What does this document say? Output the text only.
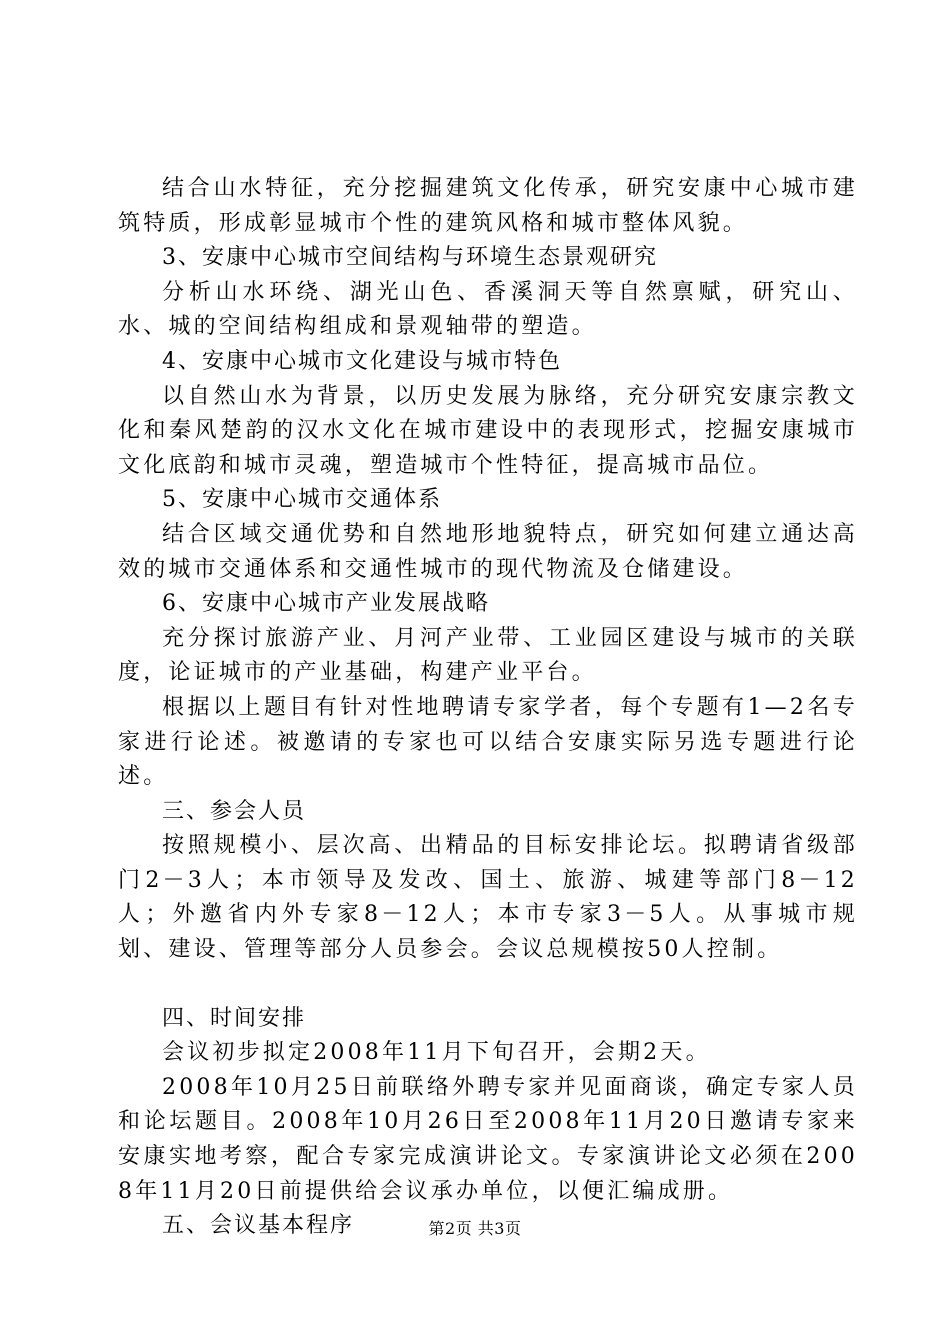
结合山水特征，充分挖掘建筑文化传承，研究安康中心城市建筑特质，形成彰显城市个性的建筑风格和城市整体风貌。

3、安康中心城市空间结构与环境生态景观研究

分析山水环绕、湖光山色、香溪洞天等自然禀赋，研究山、水、城的空间结构组成和景观轴带的塑造。

4、安康中心城市文化建设与城市特色

以自然山水为背景，以历史发展为脉络，充分研究安康宗教文化和秦风楚韵的汉水文化在城市建设中的表现形式，挖掘安康城市文化底韵和城市灵魂，塑造城市个性特征，提高城市品位。

5、安康中心城市交通体系

结合区域交通优势和自然地形地貌特点，研究如何建立通达高效的城市交通体系和交通性城市的现代物流及仓储建设。

6、安康中心城市产业发展战略

充分探讨旅游产业、月河产业带、工业园区建设与城市的关联度，论证城市的产业基础，构建产业平台。

根据以上题目有针对性地聘请专家学者，每个专题有1—2名专家进行论述。被邀请的专家也可以结合安康实际另选专题进行论述。

三、参会人员

按照规模小、层次高、出精品的目标安排论坛。拟聘请省级部门2－3人；本市领导及发改、国土、旅游、城建等部门8－12人；外邀省内外专家8－12人；本市专家3－5人。从事城市规划、建设、管理等部分人员参会。会议总规模按50人控制。

四、时间安排

会议初步拟定2008年11月下旬召开，会期2天。

2008年10月25日前联络外聘专家并见面商谈，确定专家人员和论坛题目。2008年10月26日至2008年11月20日邀请专家来安康实地考察，配合专家完成演讲论文。专家演讲论文必须在2008年11月20日前提供给会议承办单位，以便汇编成册。

五、会议基本程序	第2页 共3页
